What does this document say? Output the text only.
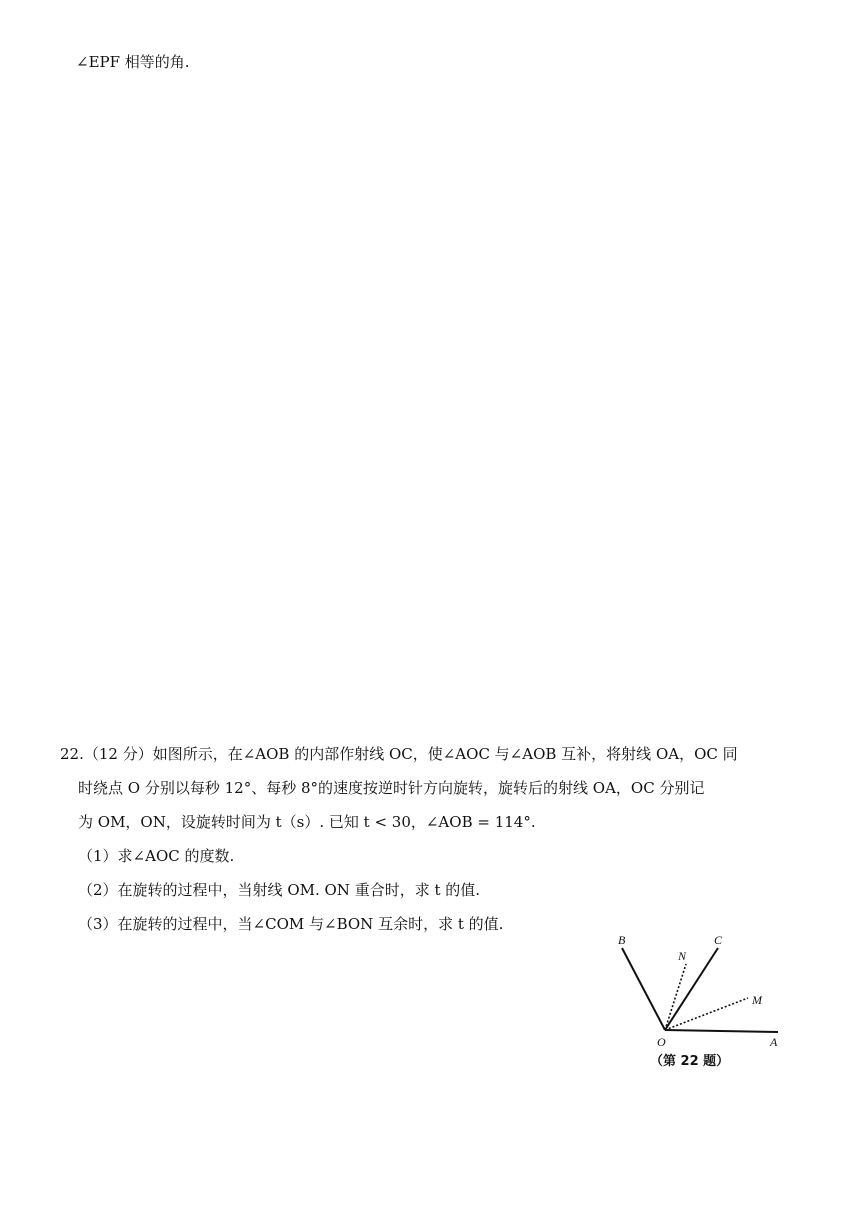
∠EPF 相等的角.
22.（12 分）如图所示，在∠AOB 的内部作射线 OC，使∠AOC 与∠AOB 互补，将射线 OA，OC 同
时绕点 O 分别以每秒 12°、每秒 8°的速度按逆时针方向旋转，旋转后的射线 OA，OC 分别记
为 OM，ON，设旋转时间为 t（s）. 已知 t < 30，∠AOB = 114°.
（1）求∠AOC 的度数.
（2）在旋转的过程中，当射线 OM. ON 重合时，求 t 的值.
（3）在旋转的过程中，当∠COM 与∠BON 互余时，求 t 的值.
B	C
N
M
O	A
（第 22 题）
